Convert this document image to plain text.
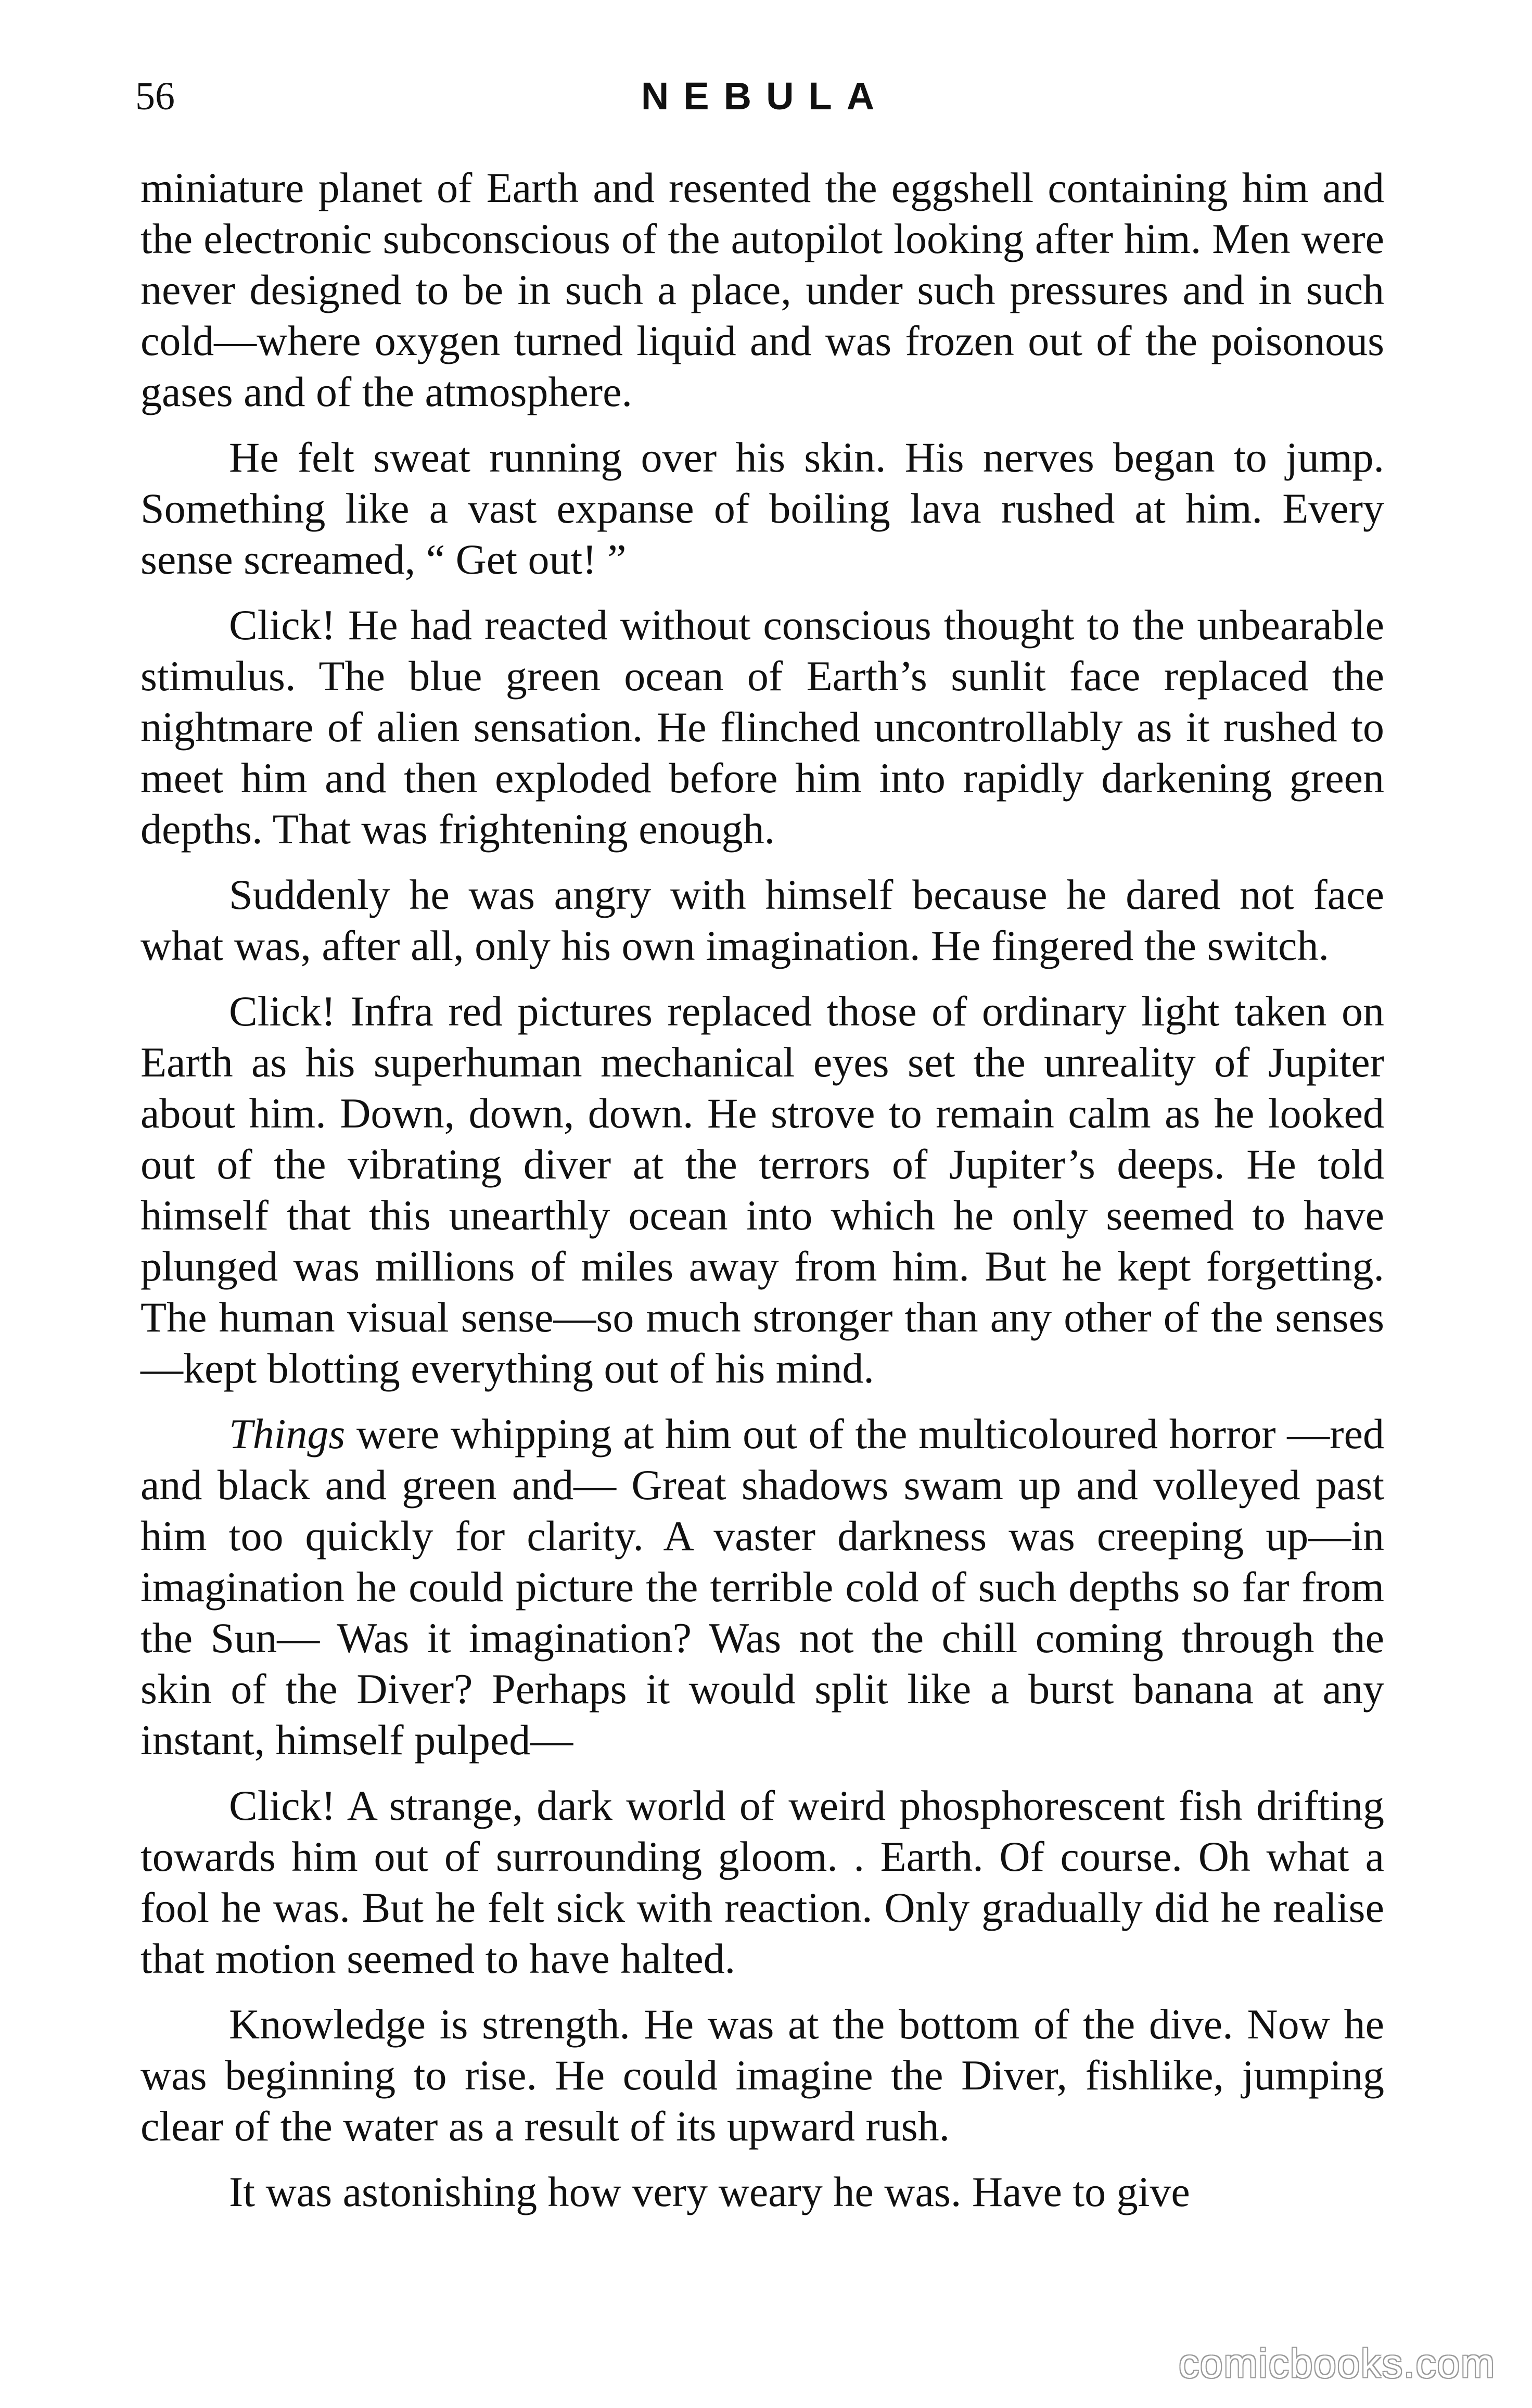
56	NEBULA

miniature planet of Earth and resented the eggshell containing him and the electronic subconscious of the autopilot looking after him. Men were never designed to be in such a place, under such pressures and in such cold—where oxygen turned liquid and was frozen out of the poisonous gases and of the atmosphere.

He felt sweat running over his skin. His nerves began to jump. Something like a vast expanse of boiling lava rushed at him. Every sense screamed, “ Get out! ”

Click! He had reacted without conscious thought to the unbearable stimulus. The blue green ocean of Earth’s sunlit face replaced the nightmare of alien sensation. He flinched uncontrollably as it rushed to meet him and then exploded before him into rapidly darkening green depths. That was frightening enough.

Suddenly he was angry with himself because he dared not face what was, after all, only his own imagination. He fingered the switch.

Click! Infra red pictures replaced those of ordinary light taken on Earth as his superhuman mechanical eyes set the unreality of Jupiter about him. Down, down, down. He strove to remain calm as he looked out of the vibrating diver at the terrors of Jupiter’s deeps. He told himself that this unearthly ocean into which he only seemed to have plunged was millions of miles away from him. But he kept forgetting. The human visual sense—so much stronger than any other of the senses—kept blotting everything out of his mind.

Things were whipping at him out of the multicoloured horror —red and black and green and— Great shadows swam up and volleyed past him too quickly for clarity. A vaster darkness was creeping up—in imagination he could picture the terrible cold of such depths so far from the Sun— Was it imagination? Was not the chill coming through the skin of the Diver? Perhaps it would split like a burst banana at any instant, himself pulped—

Click! A strange, dark world of weird phosphorescent fish drifting towards him out of surrounding gloom. . Earth. Of course. Oh what a fool he was. But he felt sick with reaction. Only gradually did he realise that motion seemed to have halted.

Knowledge is strength. He was at the bottom of the dive. Now he was beginning to rise. He could imagine the Diver, fishlike, jumping clear of the water as a result of its upward rush.

It was astonishing how very weary he was. Have to give

comicbooks.com
